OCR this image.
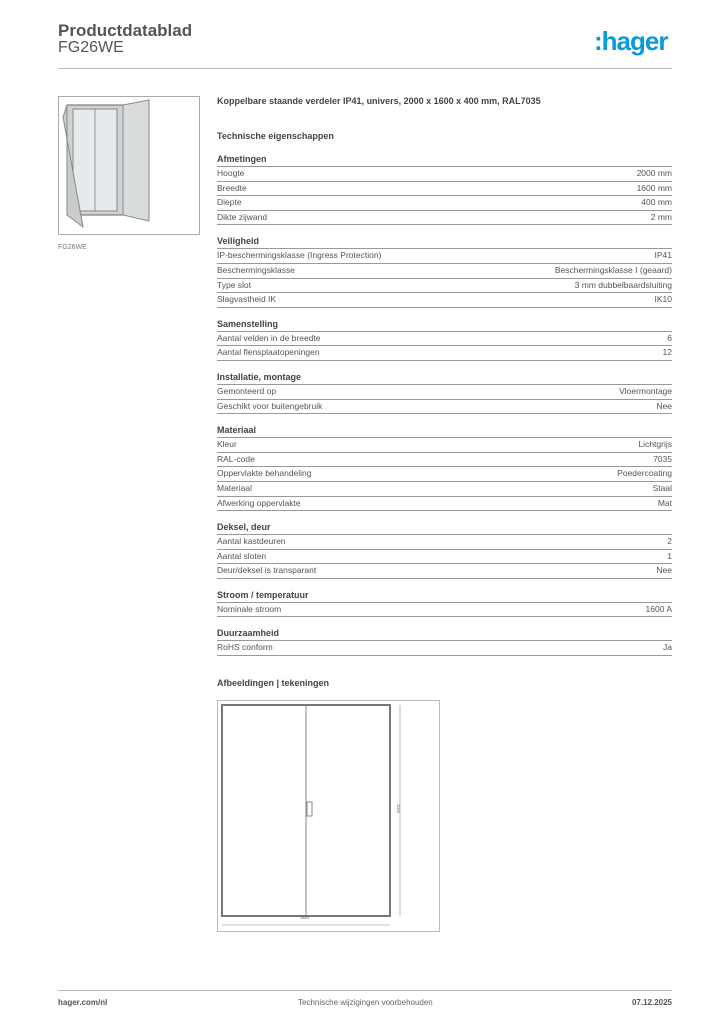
Productdatablad
FG26WE	:hager
FG26WE
Koppelbare staande verdeler IP41, univers, 2000 x 1600 x 400 mm, RAL7035
Technische eigenschappen
Afmetingen
Hoogte	2000 mm
Breedte	1600 mm
Diepte	400 mm
Dikte zijwand	2 mm
Veiligheid
IP-beschermingsklasse (Ingress Protection)	IP41
Beschermingsklasse	Beschermingsklasse I (geaard)
Type slot	3 mm dubbelbaardsluiting
Slagvastheid IK	IK10
Samenstelling
Aantal velden in de breedte	6
Aantal flensplaatopeningen	12
Installatie, montage
Gemonteerd op	Vloermontage
Geschikt voor buitengebruik	Nee
Materiaal
Kleur	Lichtgrijs
RAL-code	7035
Oppervlakte behandeling	Poedercoating
Materiaal	Staal
Afwerking oppervlakte	Mat
Deksel, deur
Aantal kastdeuren	2
Aantal sloten	1
Deur/deksel is transparant	Nee
Stroom / temperatuur
Nominale stroom	1600 A
Duurzaamheid
RoHS conform	Ja
Afbeeldingen | tekeningen
1600
2000
hager.com/nl	Technische wijzigingen voorbehouden	07.12.2025
